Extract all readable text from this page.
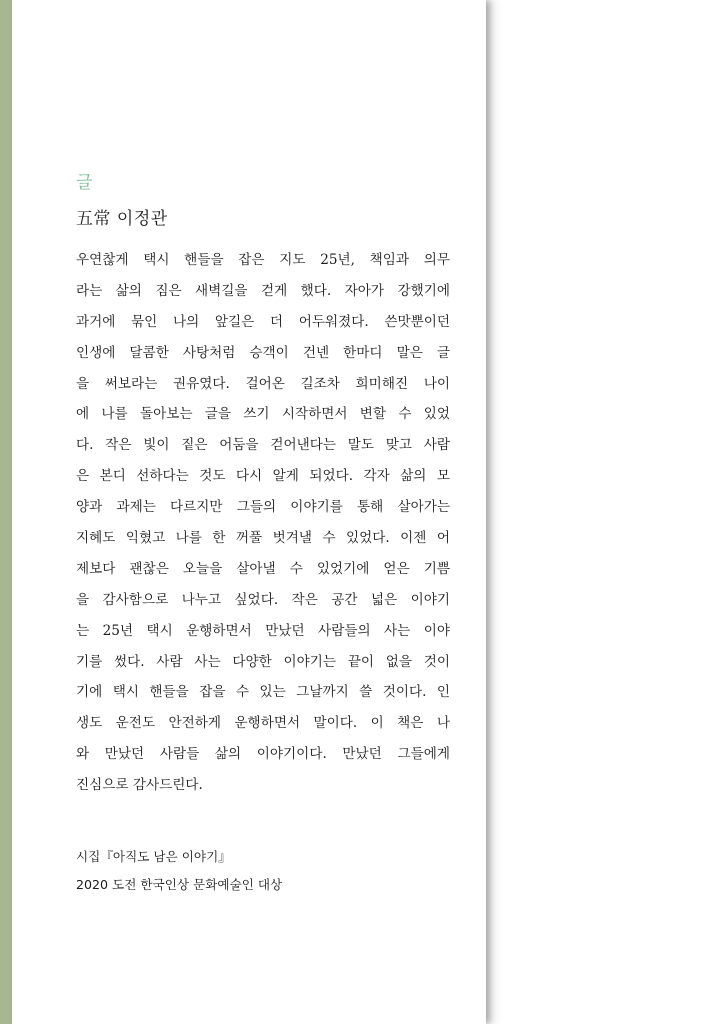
글
五常 이정관
우연찮게 택시 핸들을 잡은 지도 25년, 책임과 의무
라는 삶의 짐은 새벽길을 걷게 했다. 자아가 강했기에
과거에 묶인 나의 앞길은 더 어두워졌다. 쓴맛뿐이던
인생에 달콤한 사탕처럼 승객이 건넨 한마디 말은 글
을 써보라는 권유였다. 걸어온 길조차 희미해진 나이
에 나를 돌아보는 글을 쓰기 시작하면서 변할 수 있었
다. 작은 빛이 짙은 어둠을 걷어낸다는 말도 맞고 사람
은 본디 선하다는 것도 다시 알게 되었다. 각자 삶의 모
양과 과제는 다르지만 그들의 이야기를 통해 살아가는
지혜도 익혔고 나를 한 꺼풀 벗겨낼 수 있었다. 이젠 어
제보다 괜찮은 오늘을 살아낼 수 있었기에 얻은 기쁨
을 감사함으로 나누고 싶었다. 작은 공간 넓은 이야기
는 25년 택시 운행하면서 만났던 사람들의 사는 이야
기를 썼다. 사람 사는 다양한 이야기는 끝이 없을 것이
기에 택시 핸들을 잡을 수 있는 그날까지 쓸 것이다. 인
생도 운전도 안전하게 운행하면서 말이다. 이 책은 나
와 만났던 사람들 삶의 이야기이다. 만났던 그들에게
진심으로 감사드린다.
시집『아직도 남은 이야기』
2020 도전 한국인상 문화예술인 대상
